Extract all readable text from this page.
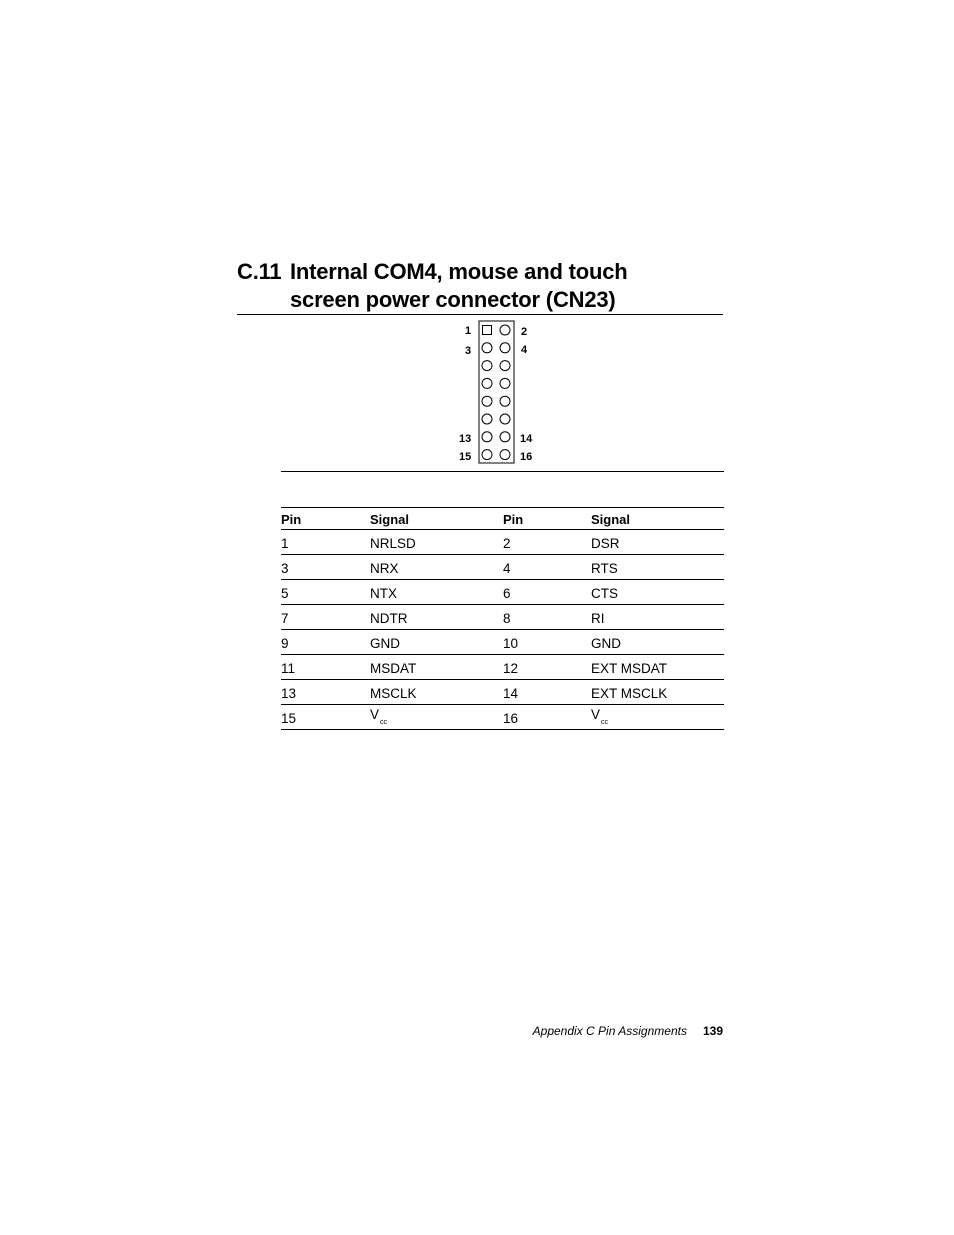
C.11 Internal COM4, mouse and touch
screen power connector (CN23)
1	2
3	4
13	14
15	16
Pin	Signal	Pin	Signal
1	NRLSD	2	DSR
3	NRX	4	RTS
5	NTX	6	CTS
7	NDTR	8	RI
9	GND	10	GND
11	MSDAT	12	EXT MSDAT
13	MSCLK	14	EXT MSCLK
15	$V_{cc}$	16	$V_{cc}$
Appendix C Pin Assignments 139
